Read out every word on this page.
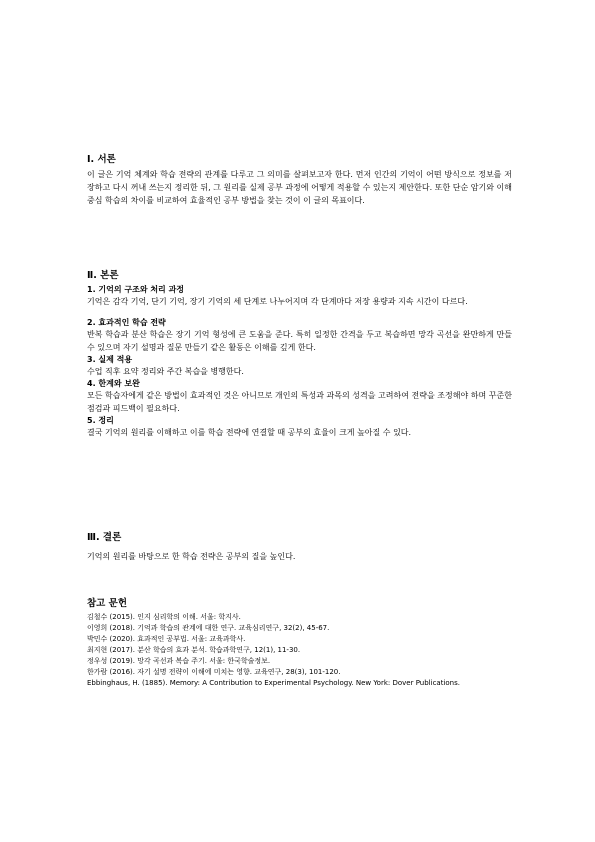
Ⅰ. 서론

이 글은 기억 체계와 학습 전략의 관계를 다루고 그 의미를 살펴보고자 한다. 먼저 인간의 기억이 어떤 방식으로 정보를 저장하고 다시 꺼내 쓰는지 정리한 뒤, 그 원리를 실제 공부 과정에 어떻게 적용할 수 있는지 제안한다. 또한 단순 암기와 이해 중심 학습의 차이를 비교하여 효율적인 공부 방법을 찾는 것이 이 글의 목표이다.

Ⅱ. 본론

1. 기억의 구조와 처리 과정

기억은 감각 기억, 단기 기억, 장기 기억의 세 단계로 나누어지며 각 단계마다 저장 용량과 지속 시간이 다르다.

2. 효과적인 학습 전략

반복 학습과 분산 학습은 장기 기억 형성에 큰 도움을 준다. 특히 일정한 간격을 두고 복습하면 망각 곡선을 완만하게 만들 수 있으며 자기 설명과 질문 만들기 같은 활동은 이해를 깊게 한다.

3. 실제 적용

수업 직후 요약 정리와 주간 복습을 병행한다.

4. 한계와 보완

모든 학습자에게 같은 방법이 효과적인 것은 아니므로 개인의 특성과 과목의 성격을 고려하여 전략을 조정해야 하며 꾸준한 점검과 피드백이 필요하다.

5. 정리

결국 기억의 원리를 이해하고 이를 학습 전략에 연결할 때 공부의 효율이 크게 높아질 수 있다.

Ⅲ. 결론

기억의 원리를 바탕으로 한 학습 전략은 공부의 질을 높인다.

참고 문헌

김철수 (2015). 인지 심리학의 이해. 서울: 학지사.

이영희 (2018). 기억과 학습의 관계에 대한 연구. 교육심리연구, 32(2), 45-67.

박민수 (2020). 효과적인 공부법. 서울: 교육과학사.

최지현 (2017). 분산 학습의 효과 분석. 학습과학연구, 12(1), 11-30.

정우성 (2019). 망각 곡선과 복습 주기. 서울: 한국학술정보.

한가람 (2016). 자기 설명 전략이 이해에 미치는 영향. 교육연구, 28(3), 101-120.

Ebbinghaus, H. (1885). Memory: A Contribution to Experimental Psychology. New York: Dover Publications.
